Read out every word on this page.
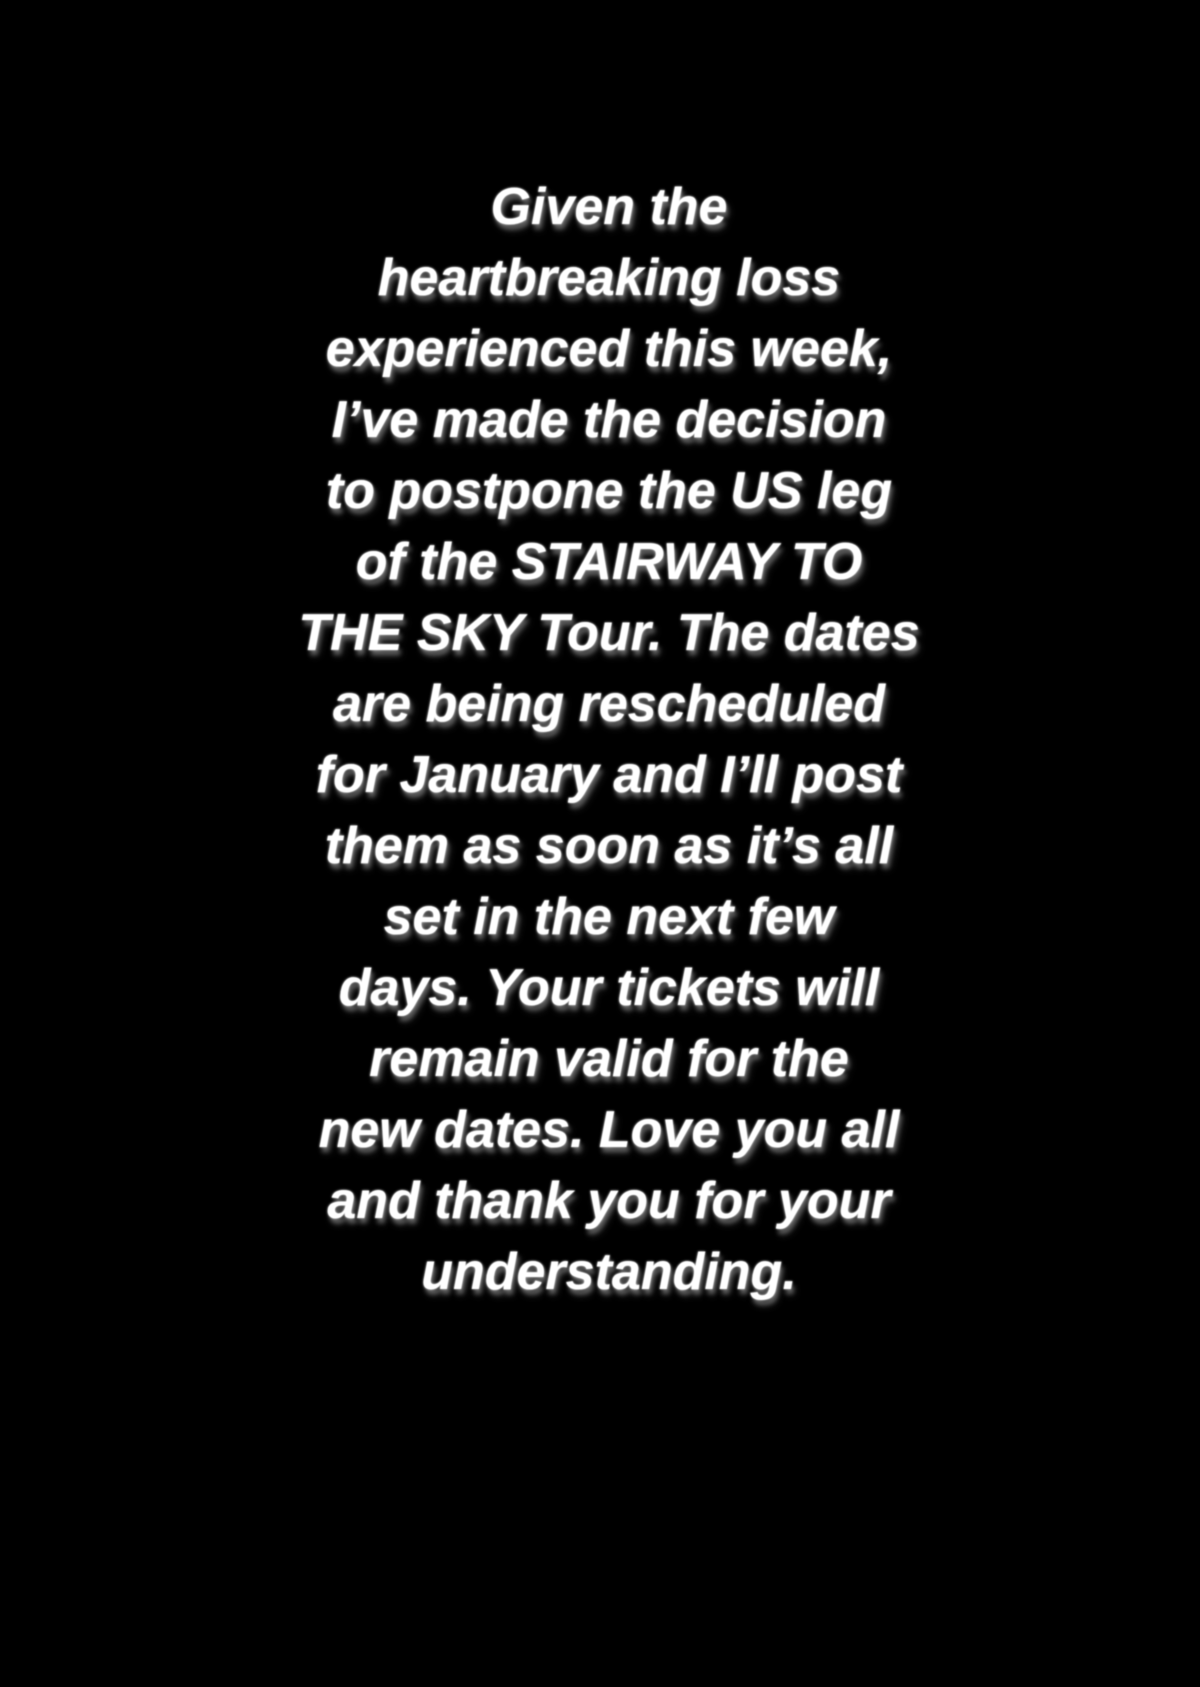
Given the
heartbreaking loss
experienced this week,
I’ve made the decision
to postpone the US leg
of the STAIRWAY TO
THE SKY Tour. The dates
are being rescheduled
for January and I’ll post
them as soon as it’s all
set in the next few
days. Your tickets will
remain valid for the
new dates. Love you all
and thank you for your
understanding.
